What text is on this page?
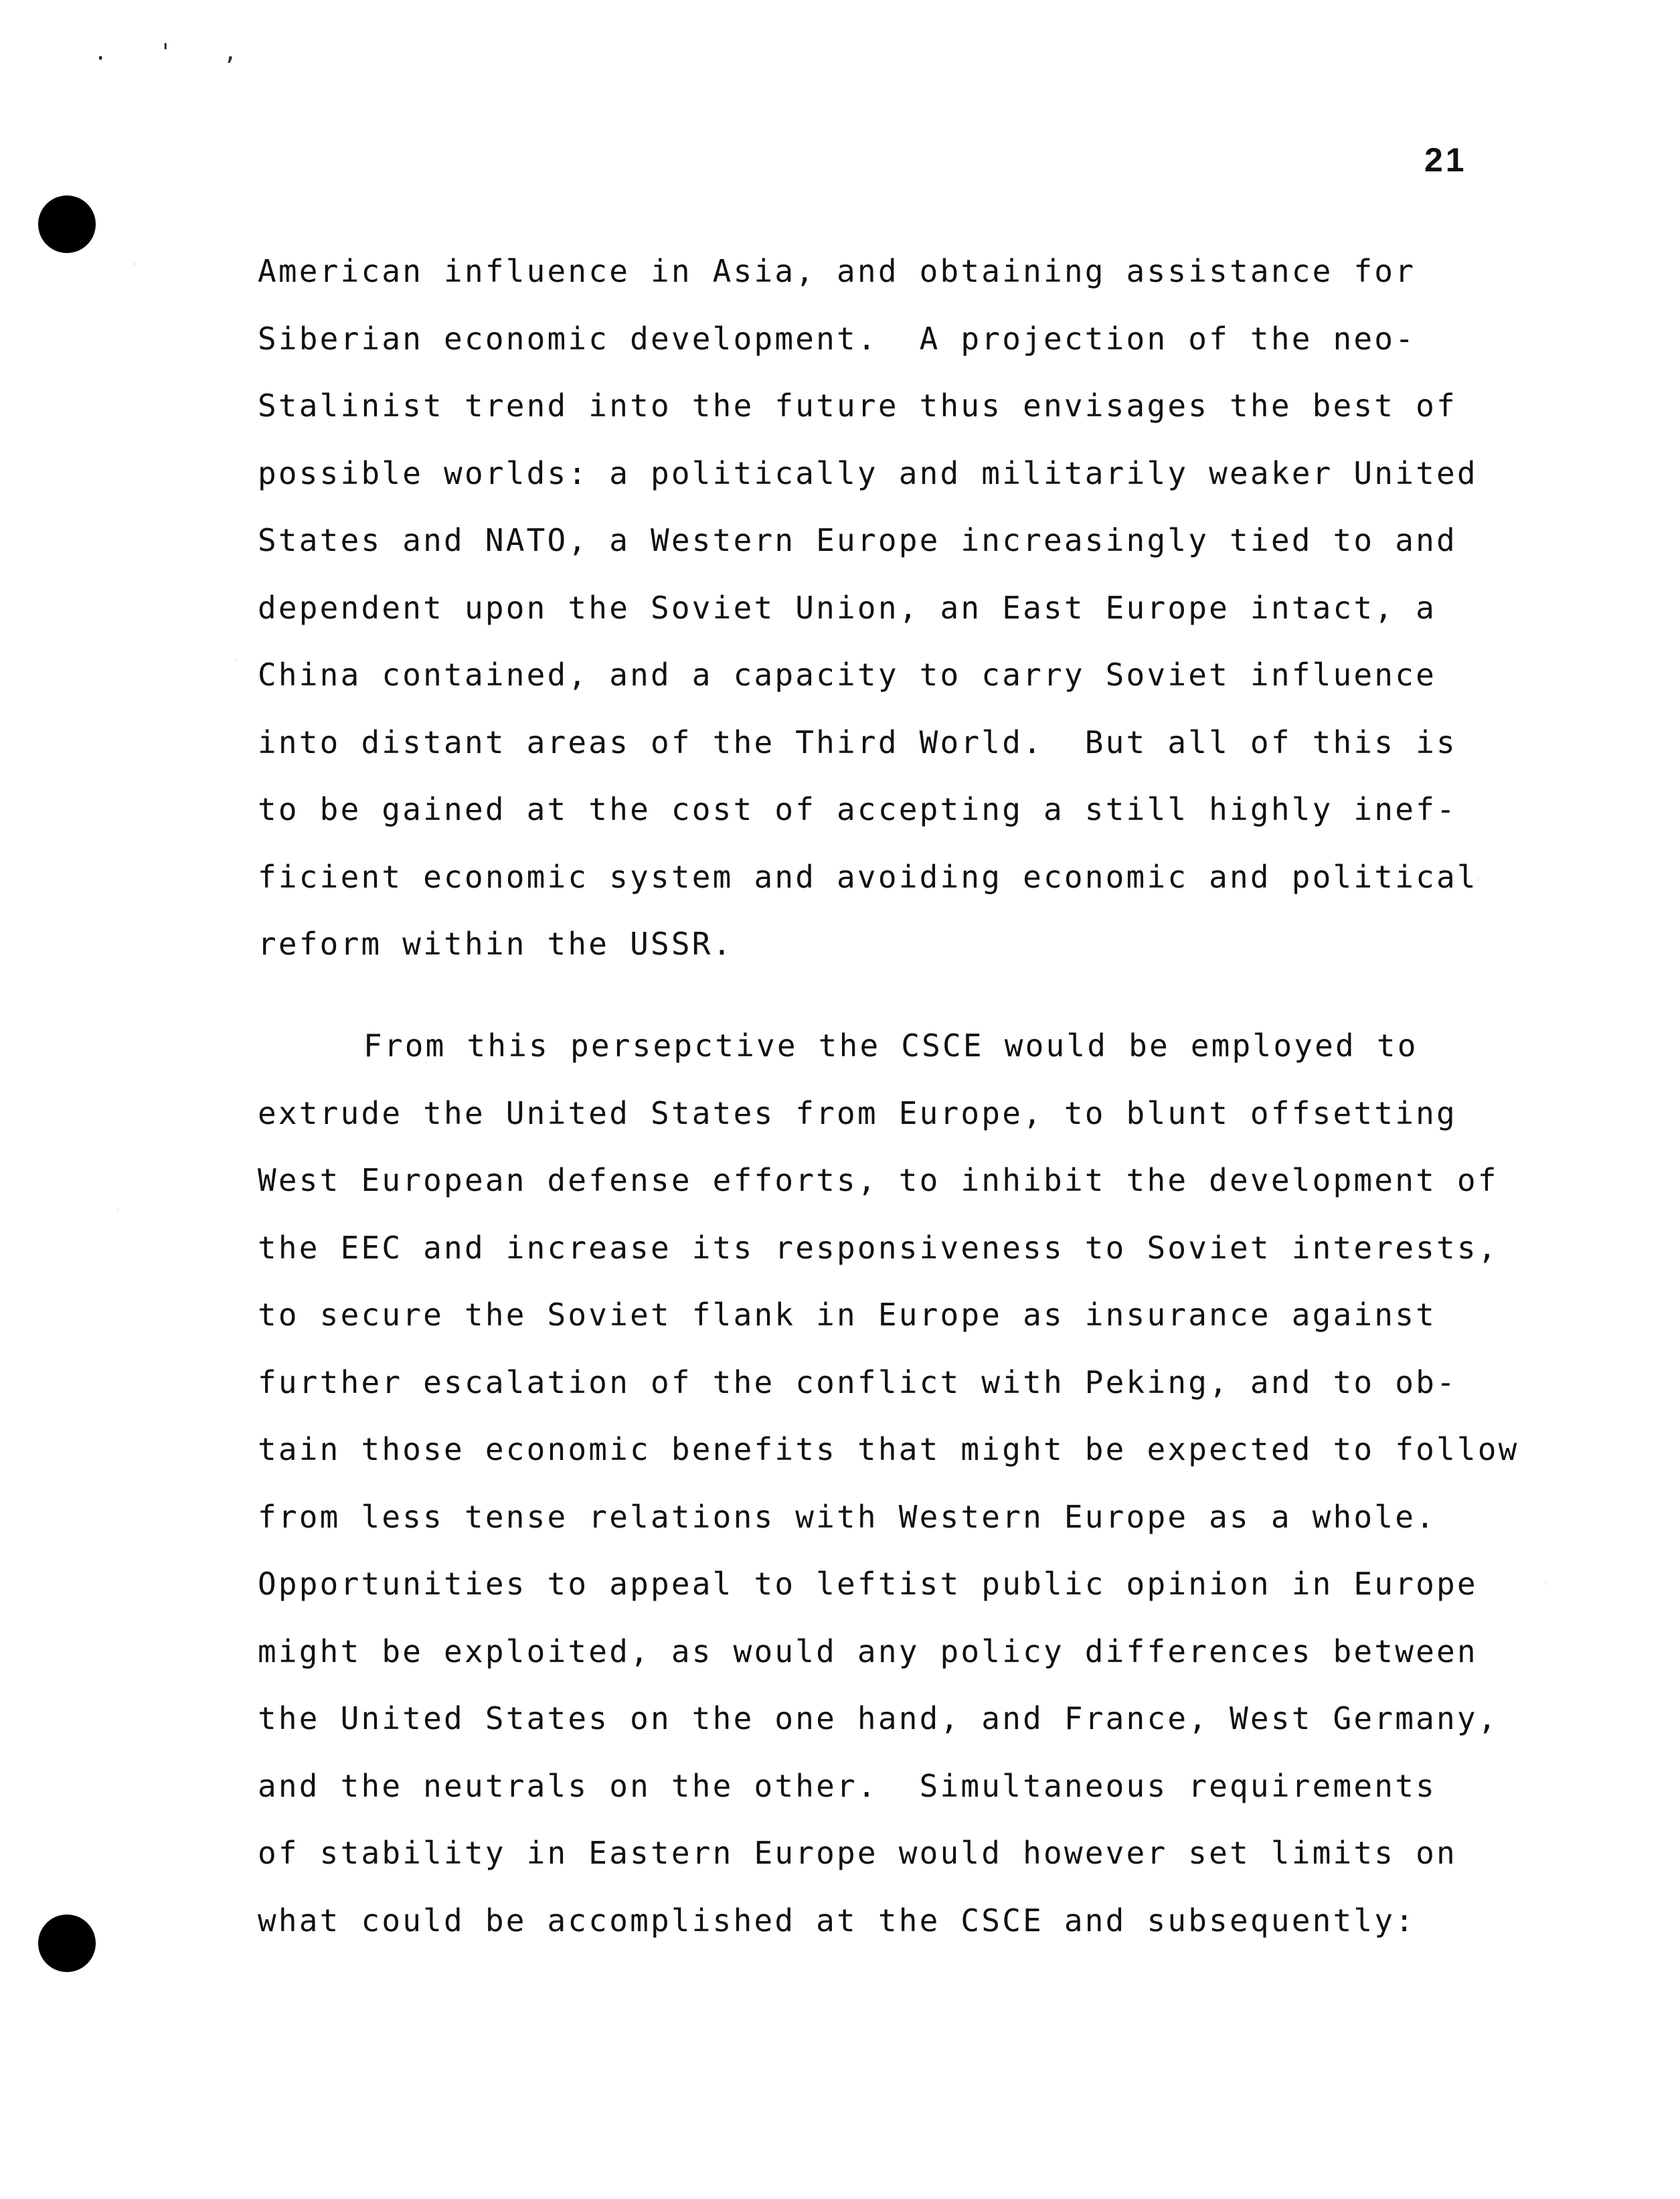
. ' ,
21

American influence in Asia, and obtaining assistance for
Siberian economic development.  A projection of the neo-
Stalinist trend into the future thus envisages the best of
possible worlds: a politically and militarily weaker United
States and NATO, a Western Europe increasingly tied to and
dependent upon the Soviet Union, an East Europe intact, a
China contained, and a capacity to carry Soviet influence
into distant areas of the Third World.  But all of this is
to be gained at the cost of accepting a still highly inef-
ficient economic system and avoiding economic and political
reform within the USSR.

From this persepctive the CSCE would be employed to
extrude the United States from Europe, to blunt offsetting
West European defense efforts, to inhibit the development of
the EEC and increase its responsiveness to Soviet interests,
to secure the Soviet flank in Europe as insurance against
further escalation of the conflict with Peking, and to ob-
tain those economic benefits that might be expected to follow
from less tense relations with Western Europe as a whole.
Opportunities to appeal to leftist public opinion in Europe
might be exploited, as would any policy differences between
the United States on the one hand, and France, West Germany,
and the neutrals on the other.  Simultaneous requirements
of stability in Eastern Europe would however set limits on
what could be accomplished at the CSCE and subsequently:
